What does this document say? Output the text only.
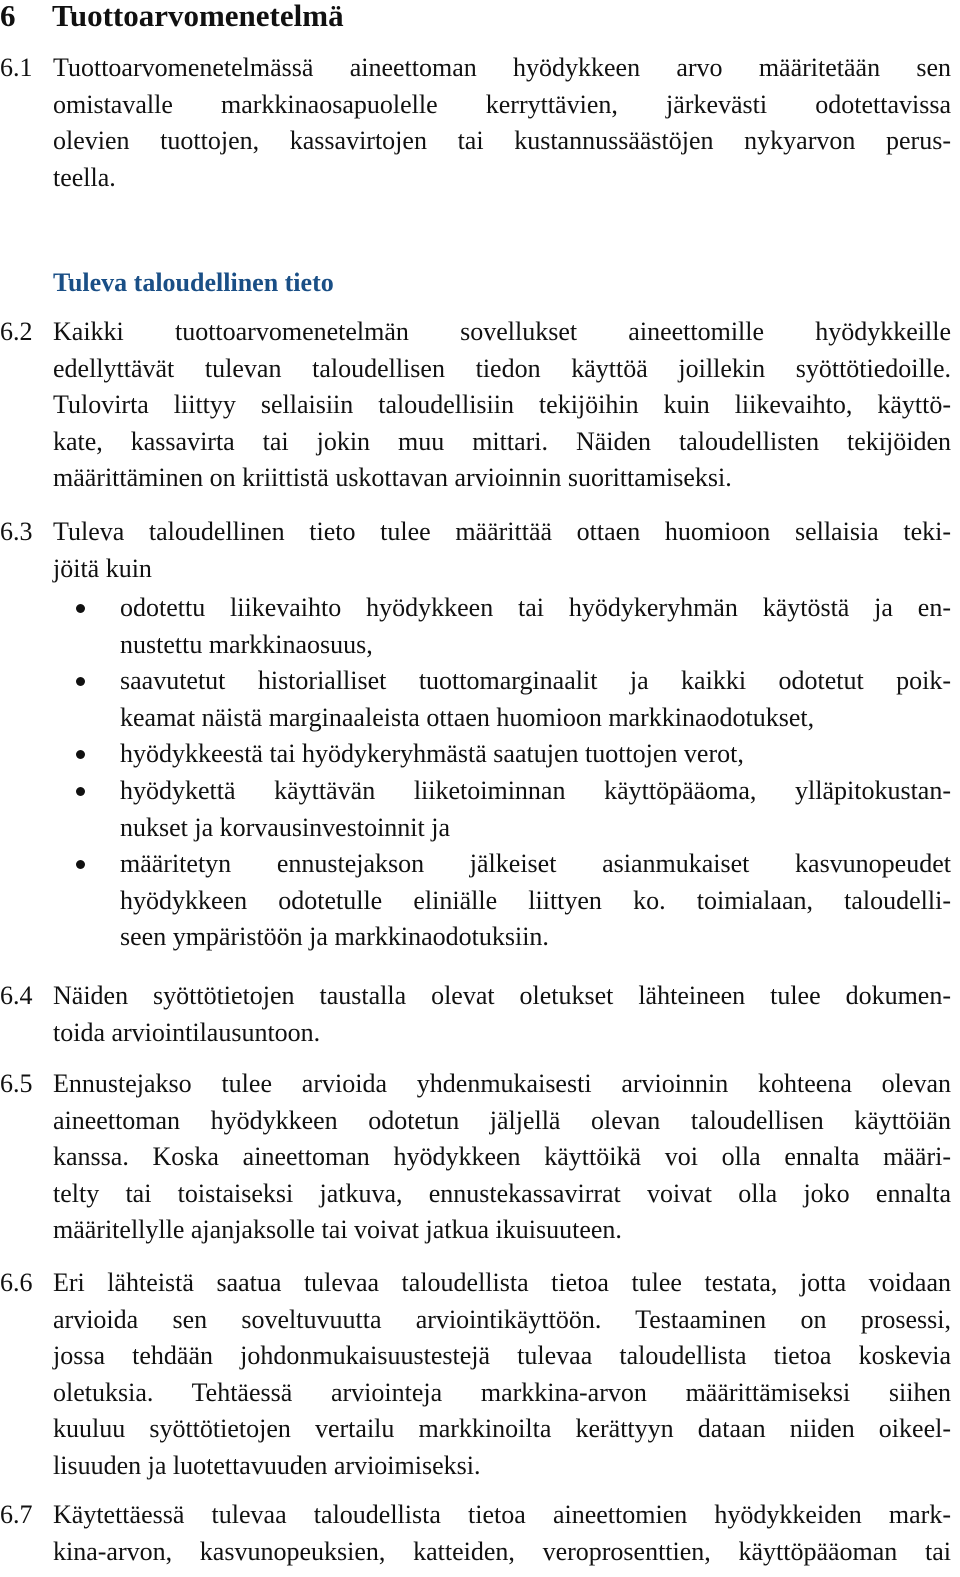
6 Tuottoarvomenetelmä
6.1 Tuottoarvomenetelmässä aineettoman hyödykkeen arvo määritetään sen
omistavalle markkinaosapuolelle kerryttävien, järkevästi odotettavissa
olevien tuottojen, kassavirtojen tai kustannussäästöjen nykyarvon perus-
teella.
Tuleva taloudellinen tieto
6.2 Kaikki tuottoarvomenetelmän sovellukset aineettomille hyödykkeille
edellyttävät tulevan taloudellisen tiedon käyttöä joillekin syöttötiedoille.
Tulovirta liittyy sellaisiin taloudellisiin tekijöihin kuin liikevaihto, käyttö-
kate, kassavirta tai jokin muu mittari. Näiden taloudellisten tekijöiden
määrittäminen on kriittistä uskottavan arvioinnin suorittamiseksi.
6.3 Tuleva taloudellinen tieto tulee määrittää ottaen huomioon sellaisia teki-
jöitä kuin
odotettu liikevaihto hyödykkeen tai hyödykeryhmän käytöstä ja en-
nustettu markkinaosuus,
saavutetut historialliset tuottomarginaalit ja kaikki odotetut poik-
keamat näistä marginaaleista ottaen huomioon markkinaodotukset,
hyödykkeestä tai hyödykeryhmästä saatujen tuottojen verot,
hyödykettä käyttävän liiketoiminnan käyttöpääoma, ylläpitokustan-
nukset ja korvausinvestoinnit ja
määritetyn ennustejakson jälkeiset asianmukaiset kasvunopeudet
hyödykkeen odotetulle eliniälle liittyen ko. toimialaan, taloudelli-
seen ympäristöön ja markkinaodotuksiin.
6.4 Näiden syöttötietojen taustalla olevat oletukset lähteineen tulee dokumen-
toida arviointilausuntoon.
6.5 Ennustejakso tulee arvioida yhdenmukaisesti arvioinnin kohteena olevan
aineettoman hyödykkeen odotetun jäljellä olevan taloudellisen käyttöiän
kanssa. Koska aineettoman hyödykkeen käyttöikä voi olla ennalta määri-
telty tai toistaiseksi jatkuva, ennustekassavirrat voivat olla joko ennalta
määritellylle ajanjaksolle tai voivat jatkua ikuisuuteen.
6.6 Eri lähteistä saatua tulevaa taloudellista tietoa tulee testata, jotta voidaan
arvioida sen soveltuvuutta arviointikäyttöön. Testaaminen on prosessi,
jossa tehdään johdonmukaisuustestejä tulevaa taloudellista tietoa koskevia
oletuksia. Tehtäessä arviointeja markkina-arvon määrittämiseksi siihen
kuuluu syöttötietojen vertailu markkinoilta kerättyyn dataan niiden oikeel-
lisuuden ja luotettavuuden arvioimiseksi.
6.7 Käytettäessä tulevaa taloudellista tietoa aineettomien hyödykkeiden mark-
kina-arvon, kasvunopeuksien, katteiden, veroprosenttien, käyttöpääoman tai
